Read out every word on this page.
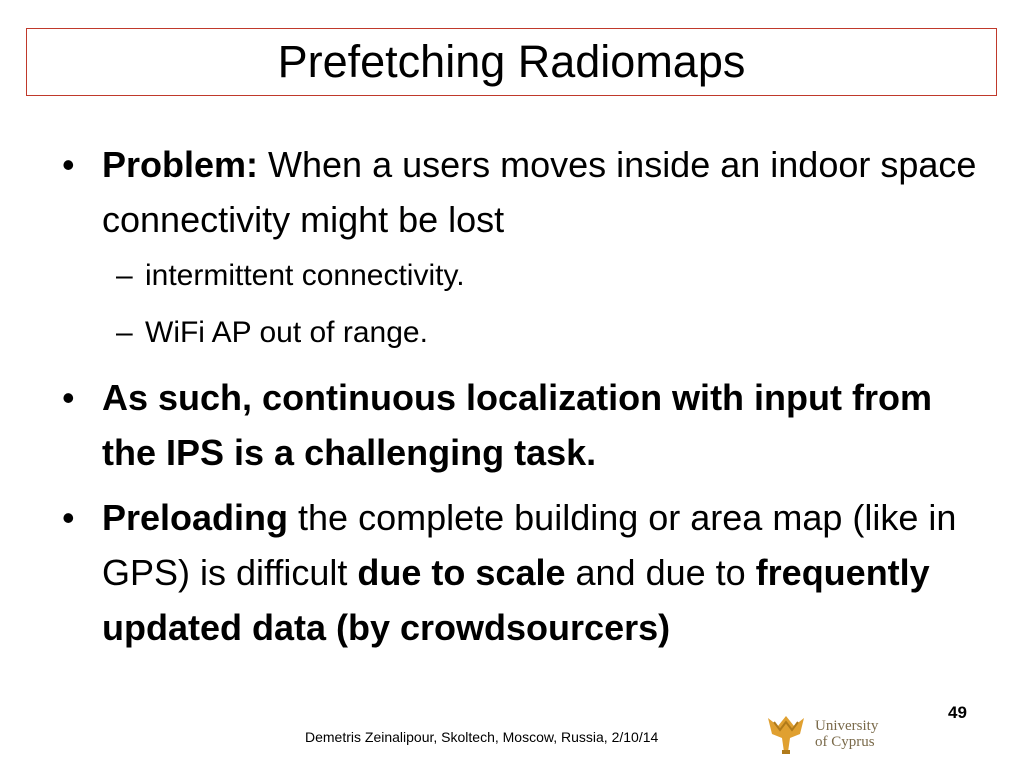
Prefetching Radiomaps
• Problem: When a users moves inside an indoor space connectivity might be lost
– intermittent connectivity.
– WiFi AP out of range.
• As such, continuous localization with input from the IPS is a challenging task.
• Preloading the complete building or area map (like in GPS) is difficult due to scale and due to frequently updated data (by crowdsourcers)
49
Demetris Zeinalipour, Skoltech, Moscow, Russia, 2/10/14
University
of Cyprus
